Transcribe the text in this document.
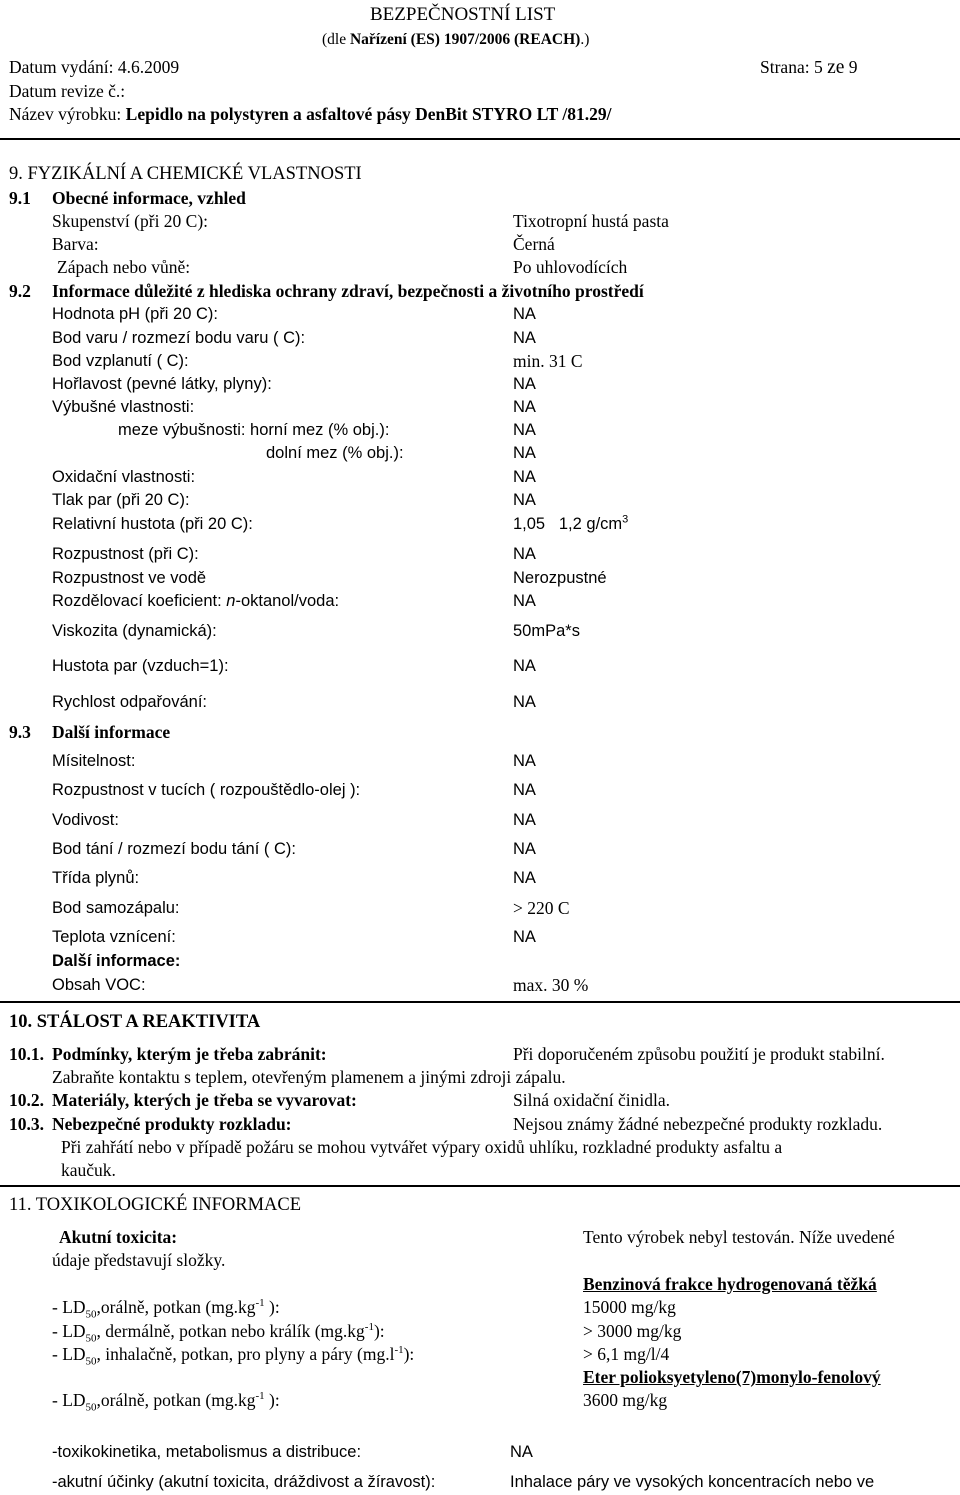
BEZPEČNOSTNÍ LIST
(dle Nařízení (ES) 1907/2006 (REACH).)
Datum vydání: 4.6.2009	Strana: 5 ze 9
Datum revize č.:
Název výrobku: Lepidlo na polystyren a asfaltové pásy DenBit STYRO LT /81.29/
9. FYZIKÁLNÍ A CHEMICKÉ VLASTNOSTI
9.1 Obecné informace, vzhled
Skupenství (při 20 C):	Tixotropní hustá pasta
Barva:	Černá
Zápach nebo vůně:	Po uhlovodících
9.2 Informace důležité z hlediska ochrany zdraví, bezpečnosti a životního prostředí
Hodnota pH (při 20 C):	NA
Bod varu / rozmezí bodu varu ( C):	NA
Bod vzplanutí ( C):	min. 31 C
Hořlavost (pevné látky, plyny):	NA
Výbušné vlastnosti:	NA
meze výbušnosti: horní mez (% obj.):	NA
dolní mez (% obj.):	NA
Oxidační vlastnosti:	NA
Tlak par (při 20 C):	NA
Relativní hustota (při 20 C):	1,05   1,2 $g/cm^3$
Rozpustnost (při C):	NA
Rozpustnost ve vodě	Nerozpustné
Rozdělovací koeficient: n-oktanol/voda:	NA
Viskozita (dynamická):	50mPa*s
Hustota par (vzduch=1):	NA
Rychlost odpařování:	NA
9.3 Další informace
Mísitelnost:	NA
Rozpustnost v tucích ( rozpouštědlo-olej ):	NA
Vodivost:	NA
Bod tání / rozmezí bodu tání ( C):	NA
Třída plynů:	NA
Bod samozápalu:	> 220 C
Teplota vznícení:	NA
Další informace:
Obsah VOC:	max. 30 %
10. STÁLOST A REAKTIVITA
10.1. Podmínky, kterým je třeba zabránit:	Při doporučeném způsobu použití je produkt stabilní.
Zabraňte kontaktu s teplem, otevřeným plamenem a jinými zdroji zápalu.
10.2. Materiály, kterých je třeba se vyvarovat:	Silná oxidační činidla.
10.3. Nebezpečné produkty rozkladu:	Nejsou známy žádné nebezpečné produkty rozkladu.
Při zahřátí nebo v případě požáru se mohou vytvářet výpary oxidů uhlíku, rozkladné produkty asfaltu a
kaučuk.
11. TOXIKOLOGICKÉ INFORMACE
Akutní toxicita:	Tento výrobek nebyl testován. Níže uvedené
údaje představují složky.
Benzinová frakce hydrogenovaná těžká
- $LD_{50},orá\ln ě$, potkan ($mg.kg^{-1}$ ):	15000 mg/kg
- $LD_{50}$, dermálně, potkan nebo králík $(mg.kg^{-1})$:	> 3000 mg/kg
- $LD_{50}$, inhalačně, potkan, pro plyny a páry $(mg.l^{-1})$:	> 6,1 mg/l/4
Eter polioksyetyleno(7)monylo-fenolový
- $LD_{50},orá\ln ě$, potkan ($mg.kg^{-1}$ ):	3600 mg/kg
-toxikokinetika, metabolismus a distribuce:	NA
-akutní účinky (akutní toxicita, dráždivost a žíravost):	Inhalace páry ve vysokých koncentracích nebo ve
